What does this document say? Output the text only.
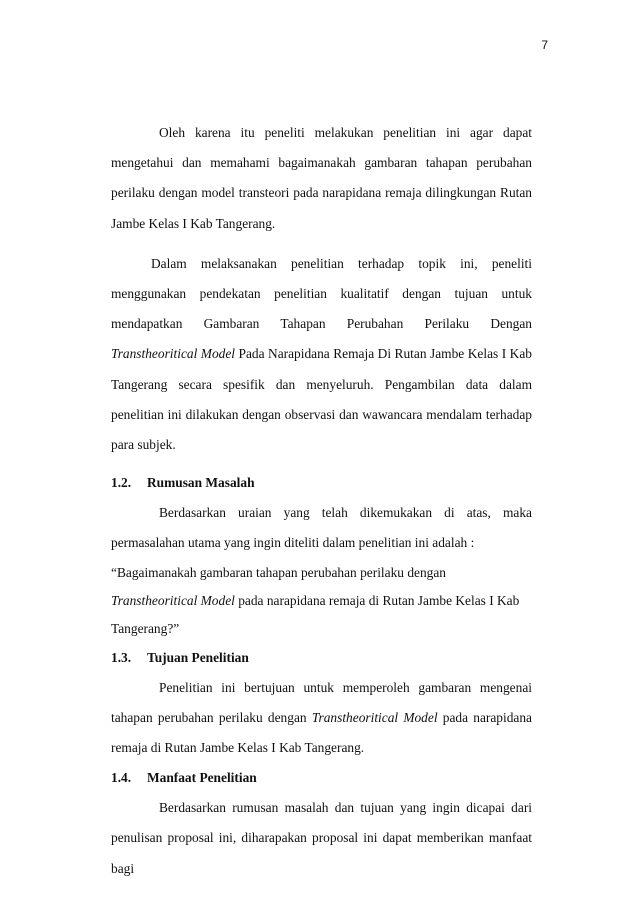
7

Oleh karena itu peneliti melakukan penelitian ini agar dapat mengetahui dan memahami bagaimanakah gambaran tahapan perubahan perilaku dengan model transteori pada narapidana remaja dilingkungan Rutan Jambe Kelas I Kab Tangerang.

Dalam melaksanakan penelitian terhadap topik ini, peneliti menggunakan pendekatan penelitian kualitatif dengan tujuan untuk mendapatkan Gambaran Tahapan Perubahan Perilaku Dengan Transtheoritical Model Pada Narapidana Remaja Di Rutan Jambe Kelas I Kab Tangerang secara spesifik dan menyeluruh. Pengambilan data dalam penelitian ini dilakukan dengan observasi dan wawancara mendalam terhadap para subjek.

1.2. Rumusan Masalah

Berdasarkan uraian yang telah dikemukakan di atas, maka permasalahan utama yang ingin diteliti dalam penelitian ini adalah :

“Bagaimanakah gambaran tahapan perubahan perilaku dengan Transtheoritical Model pada narapidana remaja di Rutan Jambe Kelas I Kab Tangerang?”

1.3. Tujuan Penelitian

Penelitian ini bertujuan untuk memperoleh gambaran mengenai tahapan perubahan perilaku dengan Transtheoritical Model pada narapidana remaja di Rutan Jambe Kelas I Kab Tangerang.

1.4. Manfaat Penelitian

Berdasarkan rumusan masalah dan tujuan yang ingin dicapai dari penulisan proposal ini, diharapakan proposal ini dapat memberikan manfaat bagi
